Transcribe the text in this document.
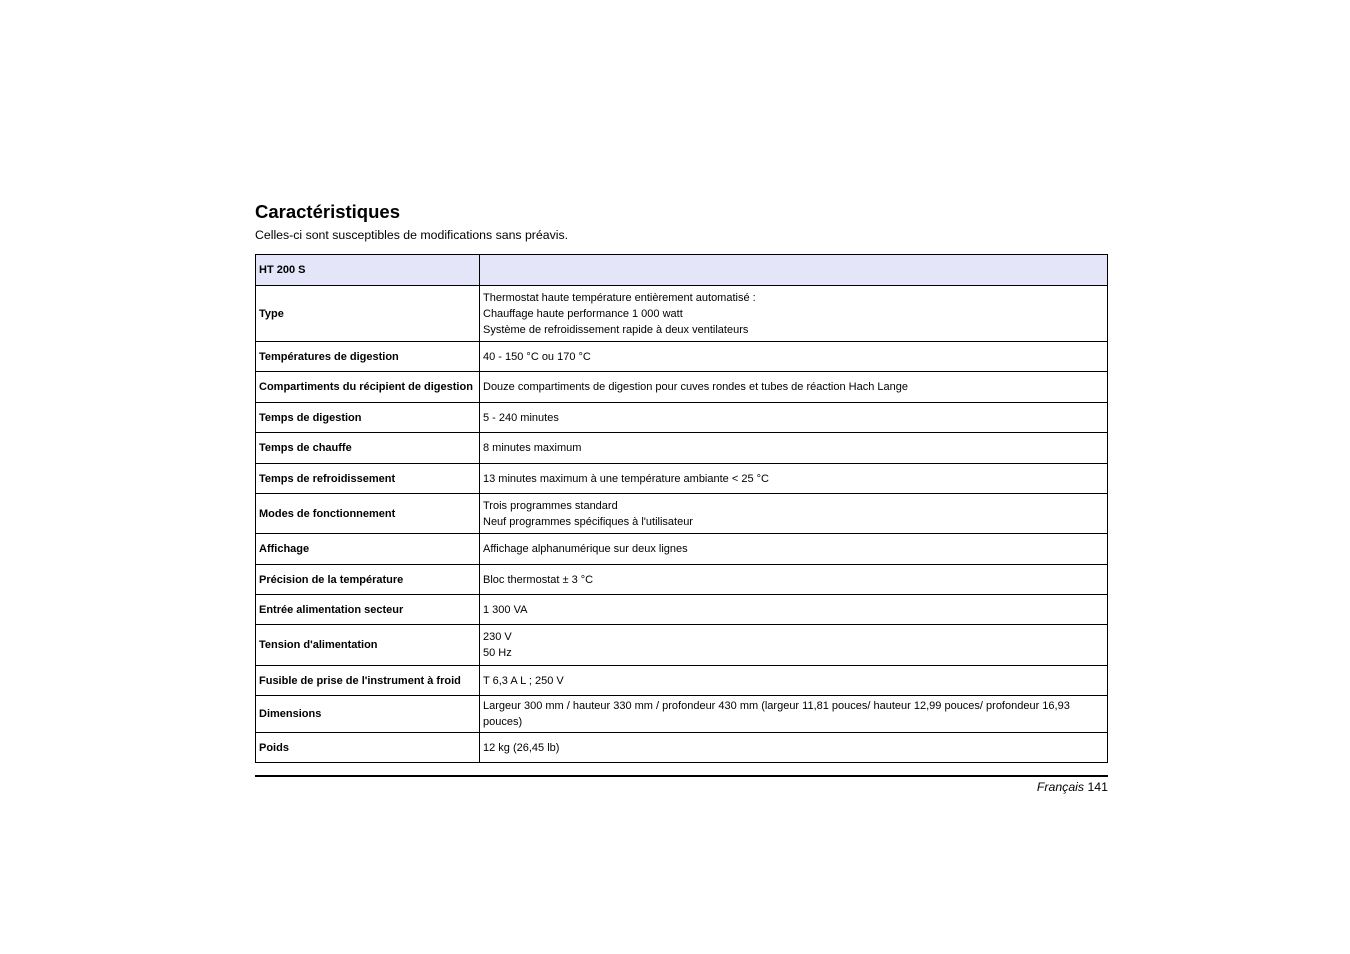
Caractéristiques

Celles-ci sont susceptibles de modifications sans préavis.

HT 200 S	
Type	Thermostat haute température entièrement automatisé :
Chauffage haute performance 1 000 watt
Système de refroidissement rapide à deux ventilateurs

Températures de digestion	40 - 150 °C ou 170 °C

Compartiments du récipient de digestion	Douze compartiments de digestion pour cuves rondes et tubes de réaction Hach Lange

Temps de digestion	5 - 240 minutes

Temps de chauffe	8 minutes maximum

Temps de refroidissement	13 minutes maximum à une température ambiante < 25 °C

Modes de fonctionnement	Trois programmes standard
Neuf programmes spécifiques à l'utilisateur

Affichage	Affichage alphanumérique sur deux lignes

Précision de la température	Bloc thermostat ± 3 °C

Entrée alimentation secteur	1 300 VA

Tension d'alimentation	230 V
50 Hz

Fusible de prise de l'instrument à froid	T 6,3 A L ; 250 V

Dimensions	Largeur 300 mm / hauteur 330 mm / profondeur 430 mm (largeur 11,81 pouces/ hauteur 12,99 pouces/ profondeur 16,93 pouces)

Poids	12 kg (26,45 lb)
Français 141
